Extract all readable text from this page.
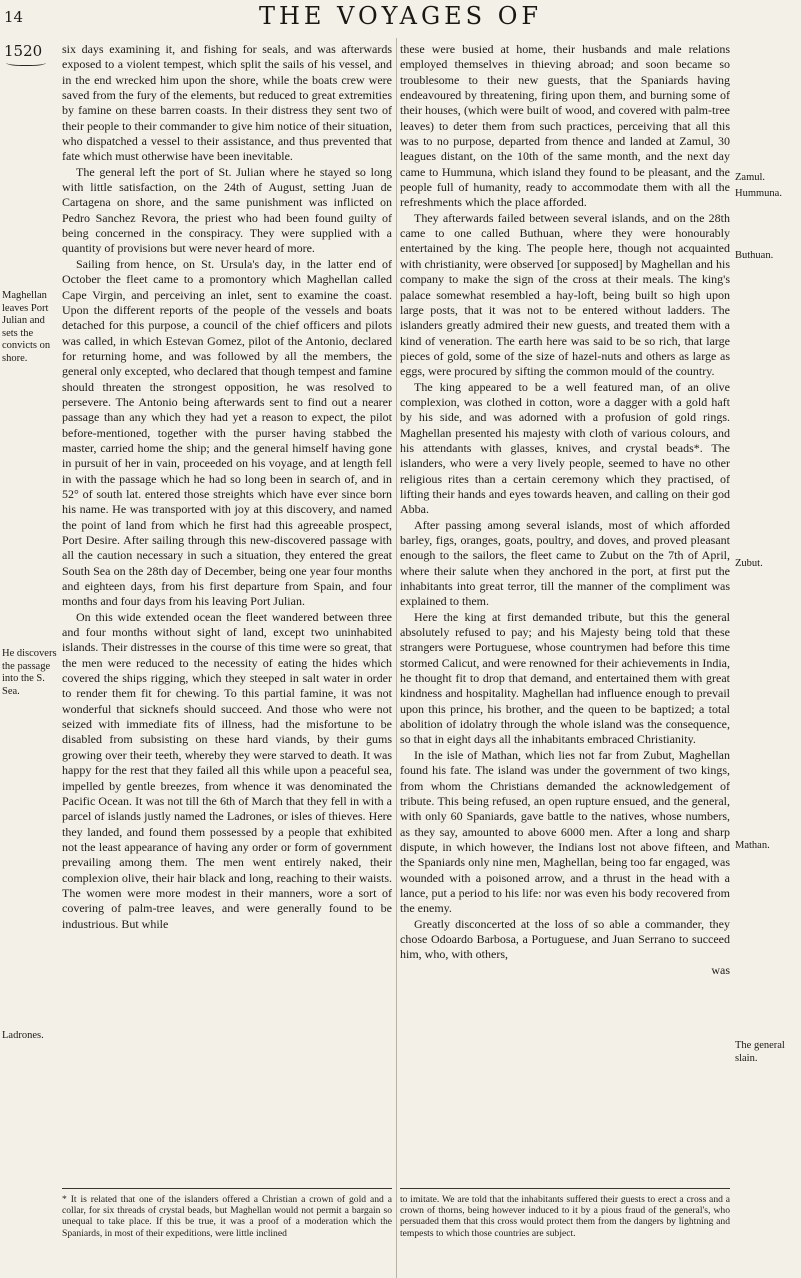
14	THE VOYAGES OF
1520
Maghellan leaves Port Julian and sets the convicts on shore.
He discovers the passage into the S. Sea.
Ladrones.
Zamul.
Hummuna.
Buthuan.
Zubut.
Mathan.
The general slain.

six days examining it, and fishing for seals, and was afterwards exposed to a violent tempest, which split the sails of his vessel, and in the end wrecked him upon the shore, while the boats crew were saved from the fury of the elements, but reduced to great extremities by famine on these barren coasts. In their distress they sent two of their people to their commander to give him notice of their situation, who dispatched a vessel to their assistance, and thus prevented that fate which must otherwise have been inevitable.

The general left the port of St. Julian where he stayed so long with little satisfaction, on the 24th of August, setting Juan de Cartagena on shore, and the same punishment was inflicted on Pedro Sanchez Revora, the priest who had been found guilty of being concerned in the conspiracy. They were supplied with a quantity of provisions but were never heard of more.

Sailing from hence, on St. Ursula's day, in the latter end of October the fleet came to a promontory which Maghellan called Cape Virgin, and perceiving an inlet, sent to examine the coast. Upon the different reports of the people of the vessels and boats detached for this purpose, a council of the chief officers and pilots was called, in which Estevan Gomez, pilot of the Antonio, declared for returning home, and was followed by all the members, the general only excepted, who declared that though tempest and famine should threaten the strongest opposition, he was resolved to persevere. The Antonio being afterwards sent to find out a nearer passage than any which they had yet a reason to expect, the pilot before-mentioned, together with the purser having stabbed the master, carried home the ship; and the general himself having gone in pursuit of her in vain, proceeded on his voyage, and at length fell in with the passage which he had so long been in search of, and in 52° of south lat. entered those streights which have ever since born his name. He was transported with joy at this discovery, and named the point of land from which he first had this agreeable prospect, Port Desire. After sailing through this new-discovered passage with all the caution necessary in such a situation, they entered the great South Sea on the 28th day of December, being one year four months and eighteen days, from his first departure from Spain, and four months and four days from his leaving Port Julian.

On this wide extended ocean the fleet wandered between three and four months without sight of land, except two uninhabited islands. Their distresses in the course of this time were so great, that the men were reduced to the necessity of eating the hides which covered the ships rigging, which they steeped in salt water in order to render them fit for chewing. To this partial famine, it was not wonderful that sicknefs should succeed. And those who were not seized with immediate fits of illness, had the misfortune to be disabled from subsisting on these hard viands, by their gums growing over their teeth, whereby they were starved to death. It was happy for the rest that they failed all this while upon a peaceful sea, impelled by gentle breezes, from whence it was denominated the Pacific Ocean. It was not till the 6th of March that they fell in with a parcel of islands justly named the Ladrones, or isles of thieves. Here they landed, and found them possessed by a people that exhibited not the least appearance of having any order or form of government prevailing among them. The men went entirely naked, their complexion olive, their hair black and long, reaching to their waists. The women were more modest in their manners, wore a sort of covering of palm-tree leaves, and were generally found to be industrious. But while

these were busied at home, their husbands and male relations employed themselves in thieving abroad; and soon became so troublesome to their new guests, that the Spaniards having endeavoured by threatening, firing upon them, and burning some of their houses, (which were built of wood, and covered with palm-tree leaves) to deter them from such practices, perceiving that all this was to no purpose, departed from thence and landed at Zamul, 30 leagues distant, on the 10th of the same month, and the next day came to Hummuna, which island they found to be pleasant, and the people full of humanity, ready to accommodate them with all the refreshments which the place afforded.

They afterwards failed between several islands, and on the 28th came to one called Buthuan, where they were honourably entertained by the king. The people here, though not acquainted with christianity, were observed [or supposed] by Maghellan and his company to make the sign of the cross at their meals. The king's palace somewhat resembled a hay-loft, being built so high upon large posts, that it was not to be entered without ladders. The islanders greatly admired their new guests, and treated them with a kind of veneration. The earth here was said to be so rich, that large pieces of gold, some of the size of hazel-nuts and others as large as eggs, were procured by sifting the common mould of the country.

The king appeared to be a well featured man, of an olive complexion, was clothed in cotton, wore a dagger with a gold haft by his side, and was adorned with a profusion of gold rings. Maghellan presented his majesty with cloth of various colours, and his attendants with glasses, knives, and crystal beads*. The islanders, who were a very lively people, seemed to have no other religious rites than a certain ceremony which they practised, of lifting their hands and eyes towards heaven, and calling on their god Abba.

After passing among several islands, most of which afforded barley, figs, oranges, goats, poultry, and doves, and proved pleasant enough to the sailors, the fleet came to Zubut on the 7th of April, where their salute when they anchored in the port, at first put the inhabitants into great terror, till the manner of the compliment was explained to them.

Here the king at first demanded tribute, but this the general absolutely refused to pay; and his Majesty being told that these strangers were Portuguese, whose countrymen had before this time stormed Calicut, and were renowned for their achievements in India, he thought fit to drop that demand, and entertained them with great kindness and hospitality. Maghellan had influence enough to prevail upon this prince, his brother, and the queen to be baptized; a total abolition of idolatry through the whole island was the consequence, so that in eight days all the inhabitants embraced Christianity.

In the isle of Mathan, which lies not far from Zubut, Maghellan found his fate. The island was under the government of two kings, from whom the Christians demanded the acknowledgement of tribute. This being refused, an open rupture ensued, and the general, with only 60 Spaniards, gave battle to the natives, whose numbers, as they say, amounted to above 6000 men. After a long and sharp dispute, in which however, the Indians lost not above fifteen, and the Spaniards only nine men, Maghellan, being too far engaged, was wounded with a poisoned arrow, and a thrust in the head with a lance, put a period to his life: nor was even his body recovered from the enemy.

Greatly disconcerted at the loss of so able a commander, they chose Odoardo Barbosa, a Portuguese, and Juan Serrano to succeed him, who, with others,

was
* It is related that one of the islanders offered a Christian a crown of gold and a collar, for six threads of crystal beads, but Maghellan would not permit a bargain so unequal to take place. If this be true, it was a proof of a moderation which the Spaniards, in most of their expeditions, were little inclined
to imitate. We are told that the inhabitants suffered their guests to erect a cross and a crown of thorns, being however induced to it by a pious fraud of the general's, who persuaded them that this cross would protect them from the dangers by lightning and tempests to which those countries are subject.
